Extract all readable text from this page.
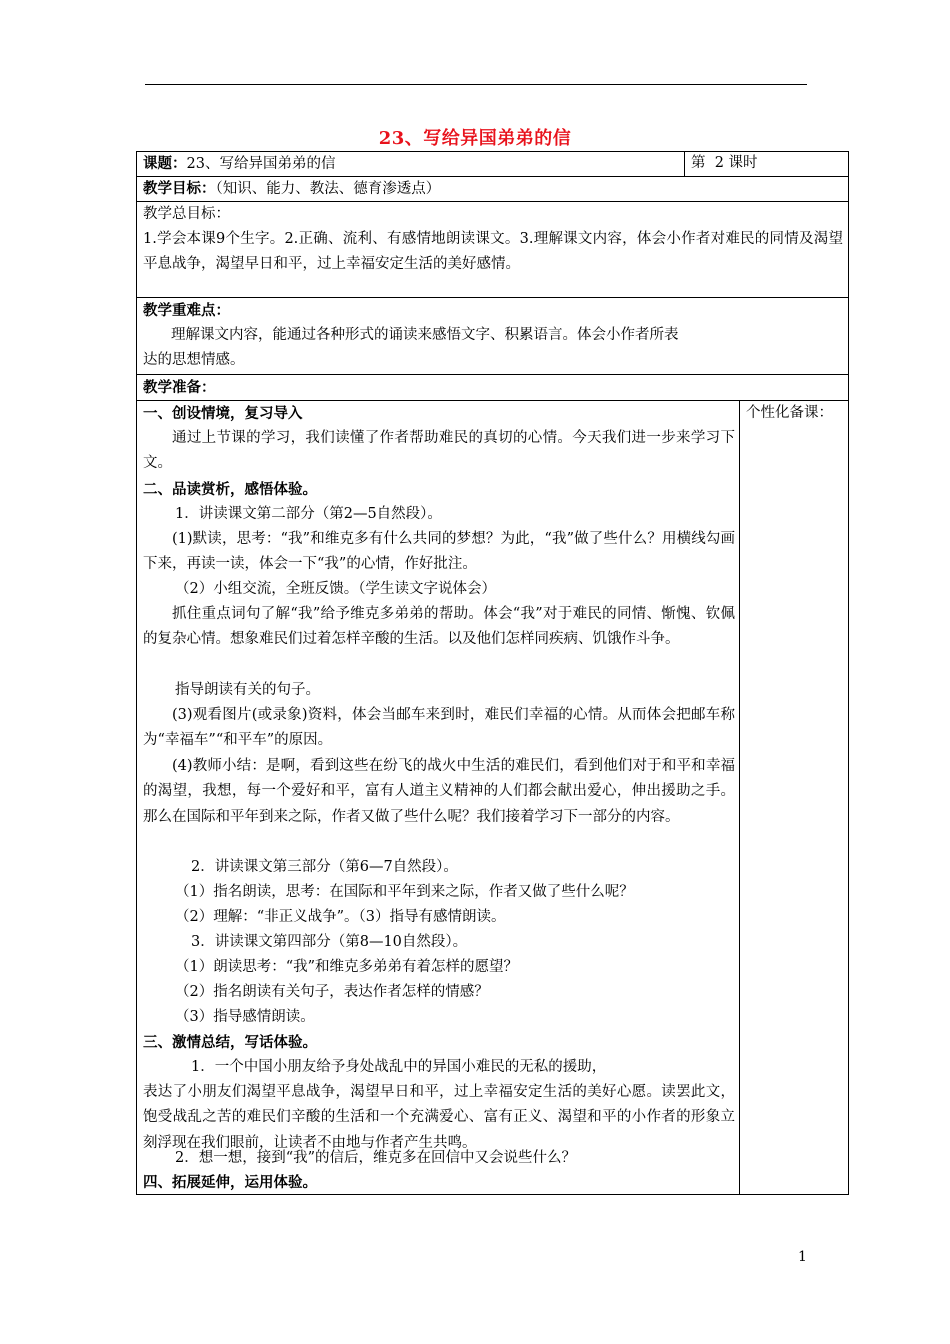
23、写给异国弟弟的信
课题：23、写给异国弟弟的信	第  2 课时
教学目标：（知识、能力、教法、德育渗透点）
教学总目标：
1.学会本课9个生字。2.正确、流利、有感情地朗读课文。3.理解课文内容，体会小作者对难民的同情及渴望平息战争，渴望早日和平，过上幸福安定生活的美好感情。
教学重难点：
理解课文内容，能通过各种形式的诵读来感悟文字、积累语言。体会小作者所表
达的思想情感。
教学准备：
个性化备课：
一、创设情境，复习导入
通过上节课的学习，我们读懂了作者帮助难民的真切的心情。今天我们进一步来学习下文。
二、品读赏析，感悟体验。
1．讲读课文第二部分（第2—5自然段）。
(1)默读，思考：“我”和维克多有什么共同的梦想？为此，“我”做了些什么？用横线勾画下来，再读一读，体会一下“我”的心情，作好批注。
（2）小组交流，全班反馈。（学生读文字说体会）
抓住重点词句了解“我”给予维克多弟弟的帮助。体会“我”对于难民的同情、惭愧、钦佩的复杂心情。想象难民们过着怎样辛酸的生活。以及他们怎样同疾病、饥饿作斗争。
指导朗读有关的句子。
(3)观看图片(或录象)资料，体会当邮车来到时，难民们幸福的心情。从而体会把邮车称为“幸福车”“和平车”的原因。
(4)教师小结：是啊，看到这些在纷飞的战火中生活的难民们，看到他们对于和平和幸福的渴望，我想，每一个爱好和平，富有人道主义精神的人们都会献出爱心，伸出援助之手。那么在国际和平年到来之际，作者又做了些什么呢？我们接着学习下一部分的内容。
2．讲读课文第三部分（第6—7自然段）。
（1）指名朗读，思考：在国际和平年到来之际，作者又做了些什么呢？
（2）理解：“非正义战争”。（3）指导有感情朗读。
3．讲读课文第四部分（第8—10自然段）。
（1）朗读思考：“我”和维克多弟弟有着怎样的愿望？
（2）指名朗读有关句子，表达作者怎样的情感？
（3）指导感情朗读。
三、激情总结，写话体验。
1．一个中国小朋友给予身处战乱中的异国小难民的无私的援助，
表达了小朋友们渴望平息战争，渴望早日和平，过上幸福安定生活的美好心愿。读罢此文，饱受战乱之苦的难民们辛酸的生活和一个充满爱心、富有正义、渴望和平的小作者的形象立刻浮现在我们眼前，让读者不由地与作者产生共鸣。
2．想一想，接到“我”的信后，维克多在回信中又会说些什么？
四、拓展延伸，运用体验。
1
